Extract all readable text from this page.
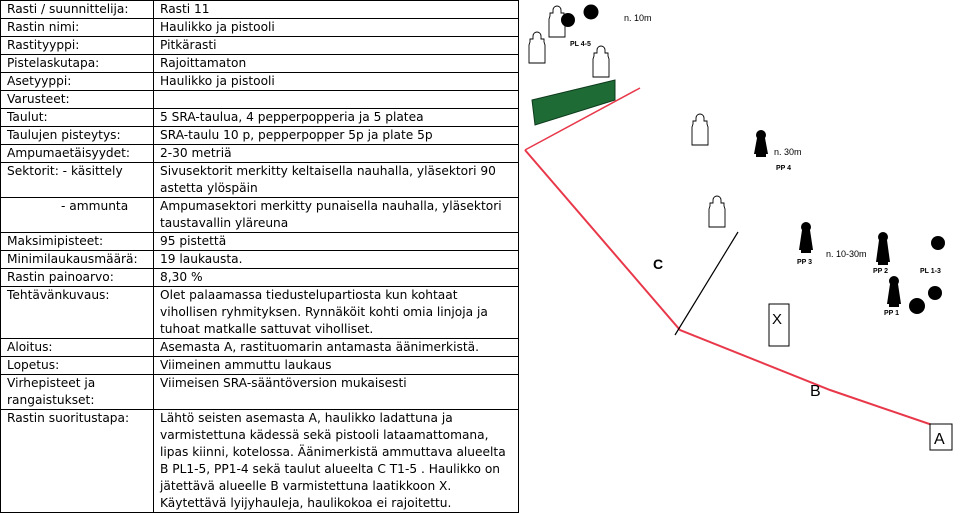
Rasti / suunnittelija:	Rasti 11
Rastin nimi:	Haulikko ja pistooli
Rastityyppi:	Pitkärasti
Pistelaskutapa:	Rajoittamaton
Asetyyppi:	Haulikko ja pistooli
Varusteet:	
Taulut:	5 SRA-taulua, 4 pepperpopperia ja 5 platea
Taulujen pisteytys:	SRA-taulu 10 p, pepperpopper 5p ja plate 5p
Ampumaetäisyydet:	2-30 metriä
Sektorit: - käsittely	Sivusektorit merkitty keltaisella nauhalla, yläsektori 90 astetta ylöspäin
- ammunta	Ampumasektori merkitty punaisella nauhalla, yläsektori taustavallin yläreuna
Maksimipisteet:	95 pistettä
Minimilaukausmäärä:	19 laukausta.
Rastin painoarvo:	8,30 %
Tehtävänkuvaus:	Olet palaamassa tiedustelupartiosta kun kohtaat vihollisen ryhmityksen. Rynnäköit kohti omia linjoja ja tuhoat matkalle sattuvat viholliset.
Aloitus:	Asemasta A, rastituomarin antamasta äänimerkistä.
Lopetus:	Viimeinen ammuttu laukaus
Virhepisteet ja rangaistukset:	Viimeisen SRA-sääntöversion mukaisesti
Rastin suoritustapa:	Lähtö seisten asemasta A, haulikko ladattuna ja varmistettuna kädessä sekä pistooli lataamattomana, lipas kiinni, kotelossa. Äänimerkistä ammuttava alueelta B PL1-5, PP1-4 sekä taulut alueelta C T1-5 . Haulikko on jätettävä alueelle B varmistettuna laatikkoon X. Käytettävä lyijyhauleja, haulikokoa ei rajoitettu.
PL 4-5
n. 10m
n. 30m
PP 4
C	PP 3
n. 10-30m
PP 2	PL 1-3
PP 1
X
B
A
